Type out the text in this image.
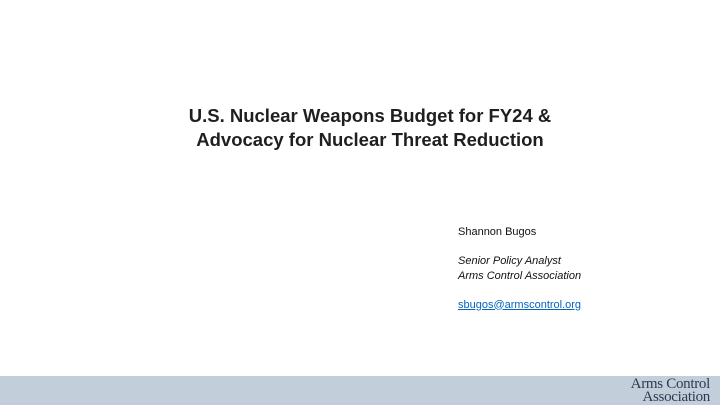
U.S. Nuclear Weapons Budget for FY24 &
Advocacy for Nuclear Threat Reduction
Shannon Bugos
Senior Policy Analyst
Arms Control Association
sbugos@armscontrol.org
Arms Control
Association
